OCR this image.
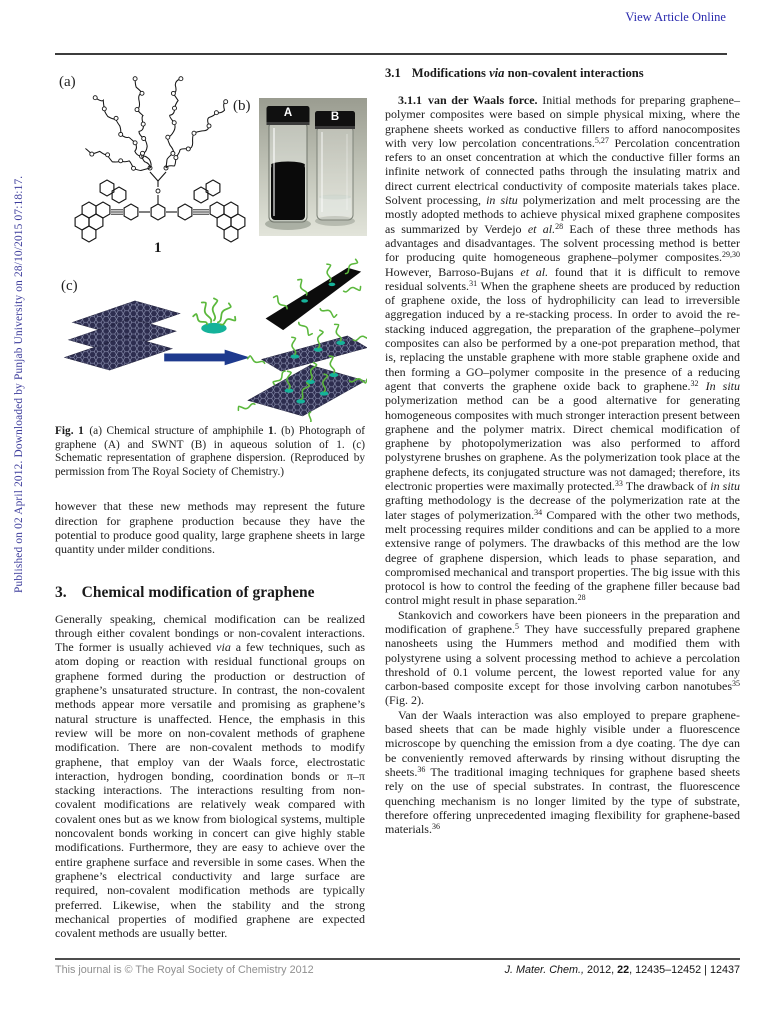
View Article Online
Published on 02 April 2012. Downloaded by Punjab University on 28/10/2015 07:18:17.
(a)
(b)
(c)
1
A	B
Fig. 1 (a) Chemical structure of amphiphile 1. (b) Photograph of graphene (A) and SWNT (B) in aqueous solution of 1. (c) Schematic representation of graphene dispersion. (Reproduced by permission from The Royal Society of Chemistry.)

however that these new methods may represent the future direction for graphene production because they have the potential to produce good quality, large graphene sheets in large quantity under milder conditions.

3. Chemical modification of graphene

Generally speaking, chemical modification can be realized through either covalent bondings or non-covalent interactions. The former is usually achieved via a few techniques, such as atom doping or reaction with residual functional groups on graphene formed during the production or destruction of graphene’s unsaturated structure. In contrast, the non-covalent methods appear more versatile and promising as graphene’s natural structure is unaffected. Hence, the emphasis in this review will be more on non-covalent methods of graphene modification. There are non-covalent methods to modify graphene, that employ van der Waals force, electrostatic interaction, hydrogen bonding, coordination bonds or π–π stacking interactions. The interactions resulting from non-covalent modifications are relatively weak compared with covalent ones but as we know from biological systems, multiple noncovalent bonds working in concert can give highly stable modifications. Furthermore, they are easy to achieve over the entire graphene surface and reversible in some cases. When the graphene’s electrical conductivity and large surface are required, non-covalent modification methods are typically preferred. Likewise, when the stability and the strong mechanical properties of modified graphene are expected covalent methods are usually better.

3.1 Modifications via non-covalent interactions

3.1.1 van der Waals force. Initial methods for preparing graphene–polymer composites were based on simple physical mixing, where the graphene sheets worked as conductive fillers to afford nanocomposites with very low percolation concentrations.$^{5,27}$ Percolation concentration refers to an onset concentration at which the conductive filler forms an infinite network of connected paths through the insulating matrix and direct current electrical conductivity of composite materials takes place. Solvent processing, in situ polymerization and melt processing are the mostly adopted methods to achieve physical mixed graphene composites as summarized by Verdejo et al.$^{28}$ Each of these three methods has advantages and disadvantages. The solvent processing method is better for producing quite homogeneous graphene–polymer composites.$^{29,30}$ However, Barroso-Bujans et al. found that it is difficult to remove residual solvents.$^{31}$ When the graphene sheets are produced by reduction of graphene oxide, the loss of hydrophilicity can lead to irreversible aggregation induced by a re-stacking process. In order to avoid the re-stacking induced aggregation, the preparation of the graphene–polymer composites can also be performed by a one-pot preparation method, that is, replacing the unstable graphene with more stable graphene oxide and then forming a GO–polymer composite in the presence of a reducing agent that converts the graphene oxide back to graphene.$^{32}$ In situ polymerization method can be a good alternative for generating homogeneous composites with much stronger interaction present between graphene and the polymer matrix. Direct chemical modification of graphene by photopolymerization was also performed to afford polystyrene brushes on graphene. As the polymerization took place at the graphene defects, its conjugated structure was not damaged; therefore, its electronic properties were maximally protected.$^{33}$ The drawback of in situ grafting methodology is the decrease of the polymerization rate at the later stages of polymerization.$^{34}$ Compared with the other two methods, melt processing requires milder conditions and can be applied to a more extensive range of polymers. The drawbacks of this method are the low degree of graphene dispersion, which leads to phase separation, and compromised mechanical and transport properties. The big issue with this protocol is how to control the feeding of the graphene filler because bad control might result in phase separation.$^{28}$

Stankovich and coworkers have been pioneers in the preparation and modification of graphene.$^5$ They have successfully prepared graphene nanosheets using the Hummers method and modified them with polystyrene using a solvent processing method to achieve a percolation threshold of 0.1 volume percent, the lowest reported value for any carbon-based composite except for those involving carbon nanotubes$^{35}$ (Fig. 2).

Van der Waals interaction was also employed to prepare graphene-based sheets that can be made highly visible under a fluorescence microscope by quenching the emission from a dye coating. The dye can be conveniently removed afterwards by rinsing without disrupting the sheets.$^{36}$ The traditional imaging techniques for graphene based sheets rely on the use of special substrates. In contrast, the fluorescence quenching mechanism is no longer limited by the type of substrate, therefore offering unprecedented imaging flexibility for graphene-based materials.$^{36}$

This journal is © The Royal Society of Chemistry 2012	J. Mater. Chem., 2012, 22, 12435–12452 | 12437
